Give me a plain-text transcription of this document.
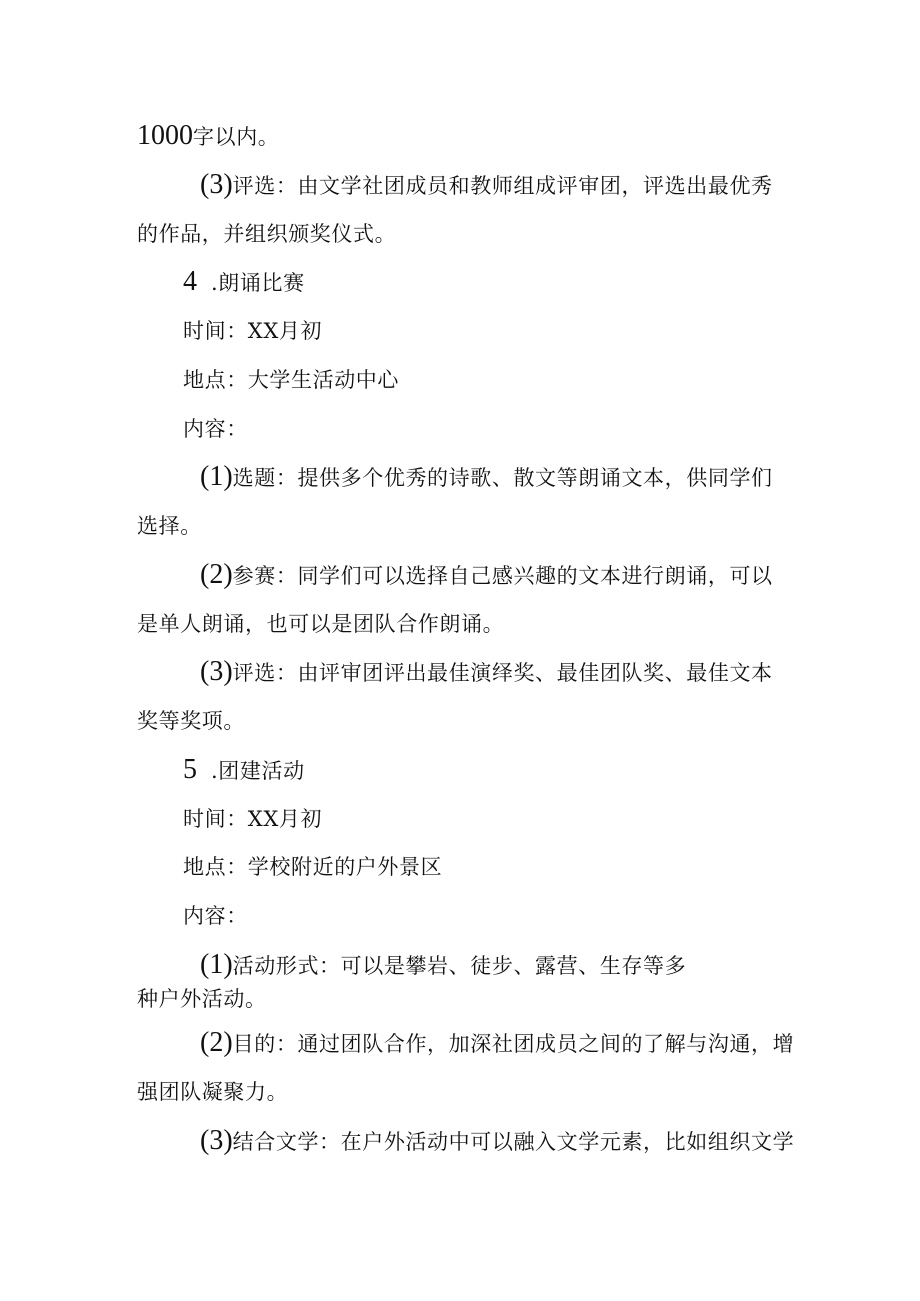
1000字以内。

(3)评选：由文学社团成员和教师组成评审团，评选出最优秀

的作品，并组织颁奖仪式。

4 .朗诵比赛

时间：XX月初

地点：大学生活动中心

内容：

(1)选题：提供多个优秀的诗歌、散文等朗诵文本，供同学们

选择。

(2)参赛：同学们可以选择自己感兴趣的文本进行朗诵，可以

是单人朗诵，也可以是团队合作朗诵。

(3)评选：由评审团评出最佳演绎奖、最佳团队奖、最佳文本

奖等奖项。

5 .团建活动

时间：XX月初

地点：学校附近的户外景区

内容：

(1)活动形式：可以是攀岩、徒步、露营、生存等多

种户外活动。

(2)目的：通过团队合作，加深社团成员之间的了解与沟通，增

强团队凝聚力。

(3)结合文学：在户外活动中可以融入文学元素，比如组织文学
